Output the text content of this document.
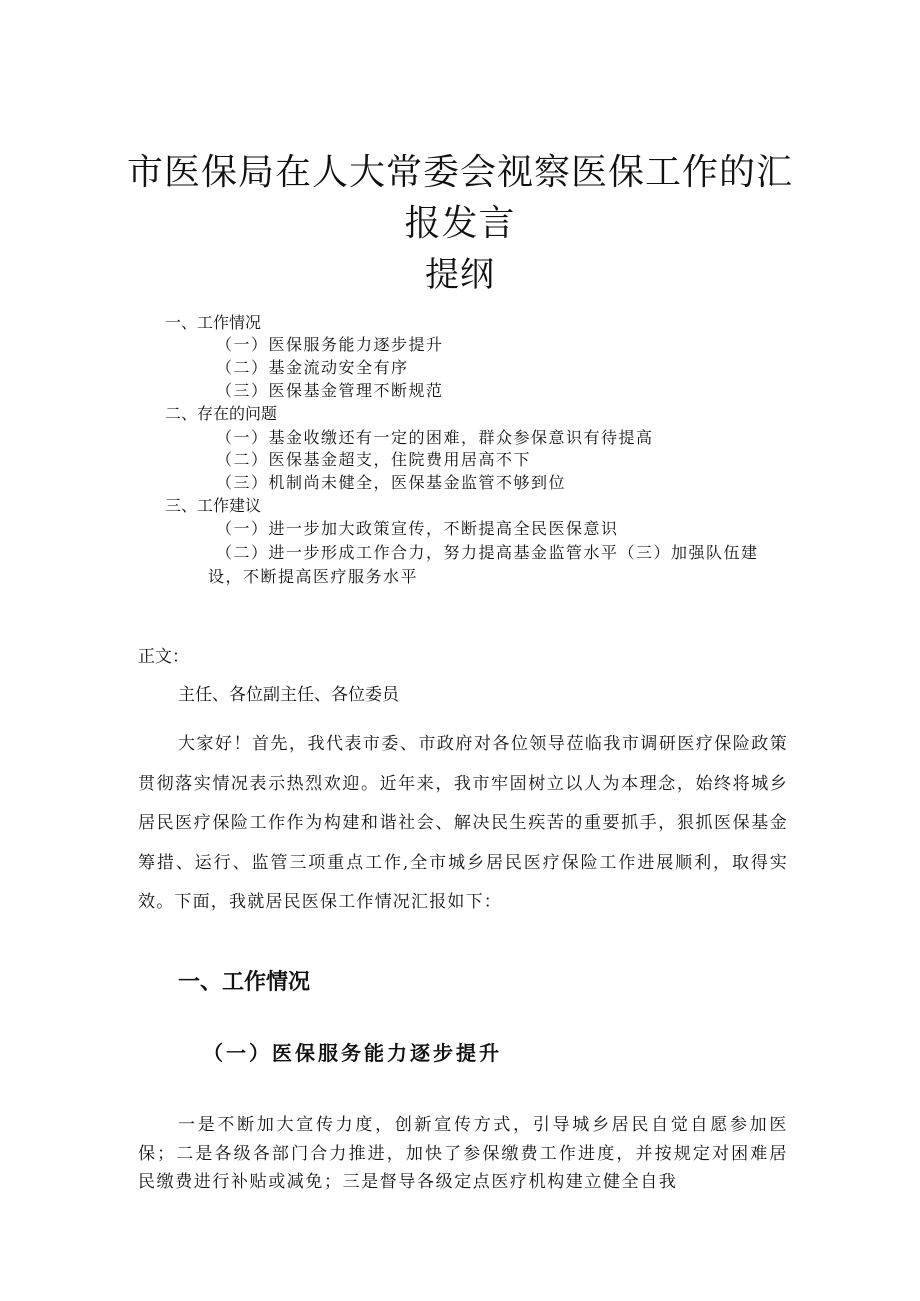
市医保局在人大常委会视察医保工作的汇
报发言
提纲

一、工作情况

（一）医保服务能力逐步提升

（二）基金流动安全有序

（三）医保基金管理不断规范

二、存在的问题

（一）基金收缴还有一定的困难，群众参保意识有待提高

（二）医保基金超支，住院费用居高不下

（三）机制尚未健全，医保基金监管不够到位

三、工作建议

（一）进一步加大政策宣传，不断提高全民医保意识

（二）进一步形成工作合力，努力提高基金监管水平（三）加强队伍建
设，不断提高医疗服务水平

正文：

主任、各位副主任、各位委员

大家好！首先，我代表市委、市政府对各位领导莅临我市调研医疗保险政策贯彻落实情况表示热烈欢迎。近年来，我市牢固树立以人为本理念，始终将城乡居民医疗保险工作作为构建和谐社会、解决民生疾苦的重要抓手，狠抓医保基金筹措、运行、监管三项重点工作,全市城乡居民医疗保险工作进展顺利，取得实效。下面，我就居民医保工作情况汇报如下：

一、工作情况
（一）医保服务能力逐步提升

一是不断加大宣传力度，创新宣传方式，引导城乡居民自觉自愿参加医保；二是各级各部门合力推进，加快了参保缴费工作进度，并按规定对困难居民缴费进行补贴或减免；三是督导各级定点医疗机构建立健全自我
